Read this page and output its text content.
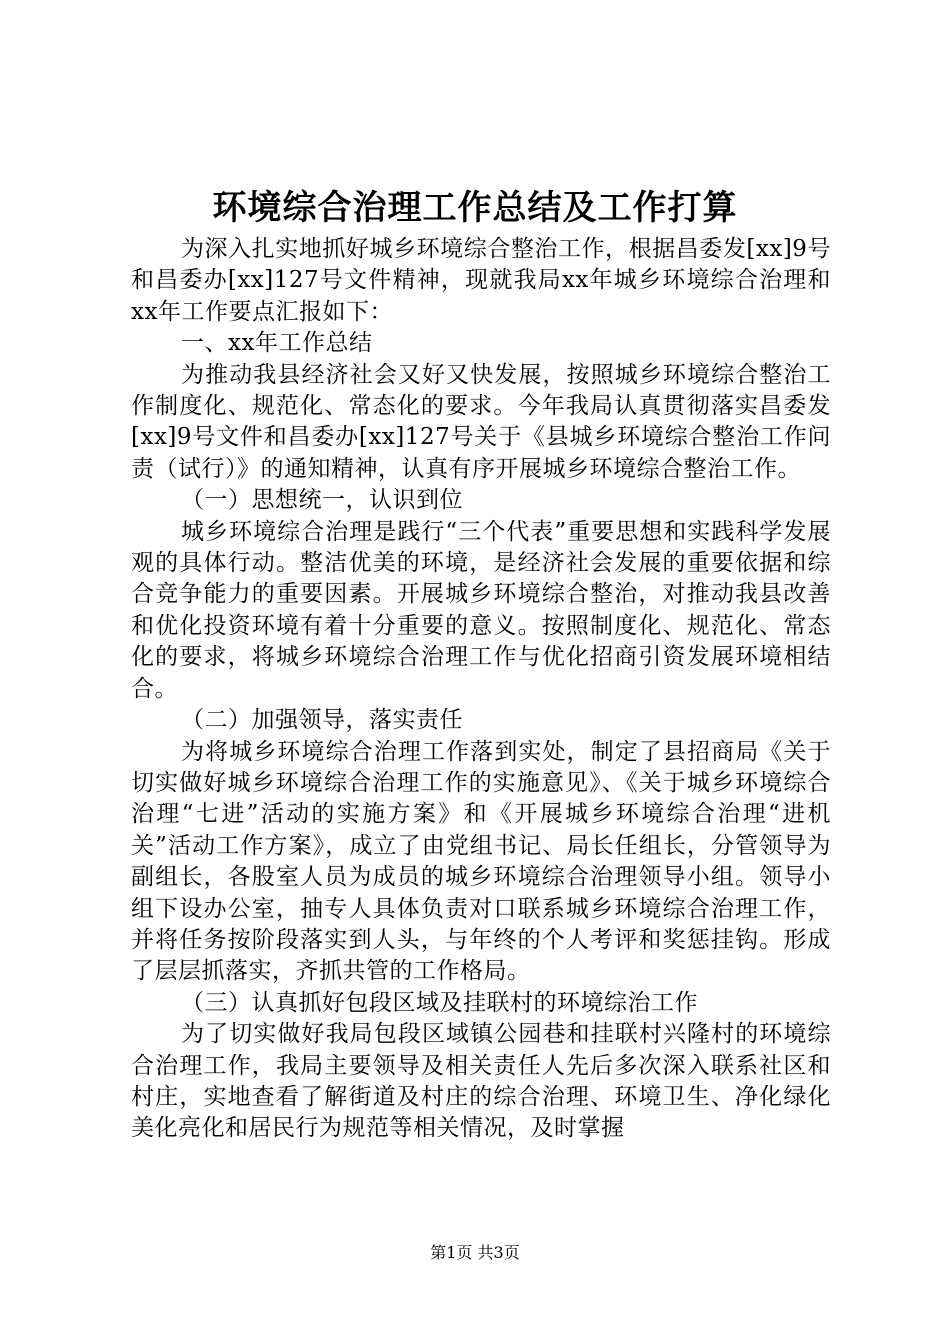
环境综合治理工作总结及工作打算

为深入扎实地抓好城乡环境综合整治工作，根据昌委发[xx]9号和昌委办[xx]127号文件精神，现就我局xx年城乡环境综合治理和xx年工作要点汇报如下：

一、xx年工作总结

为推动我县经济社会又好又快发展，按照城乡环境综合整治工作制度化、规范化、常态化的要求。今年我局认真贯彻落实昌委发[xx]9号文件和昌委办[xx]127号关于《县城乡环境综合整治工作问责（试行）》的通知精神，认真有序开展城乡环境综合整治工作。

（一）思想统一，认识到位

城乡环境综合治理是践行“三个代表”重要思想和实践科学发展观的具体行动。整洁优美的环境，是经济社会发展的重要依据和综合竞争能力的重要因素。开展城乡环境综合整治，对推动我县改善和优化投资环境有着十分重要的意义。按照制度化、规范化、常态化的要求，将城乡环境综合治理工作与优化招商引资发展环境相结合。

（二）加强领导，落实责任

为将城乡环境综合治理工作落到实处，制定了县招商局《关于切实做好城乡环境综合治理工作的实施意见》、《关于城乡环境综合治理“七进”活动的实施方案》和《开展城乡环境综合治理“进机关”活动工作方案》，成立了由党组书记、局长任组长，分管领导为副组长，各股室人员为成员的城乡环境综合治理领导小组。领导小组下设办公室，抽专人具体负责对口联系城乡环境综合治理工作，并将任务按阶段落实到人头，与年终的个人考评和奖惩挂钩。形成了层层抓落实，齐抓共管的工作格局。

（三）认真抓好包段区域及挂联村的环境综治工作

为了切实做好我局包段区域镇公园巷和挂联村兴隆村的环境综合治理工作，我局主要领导及相关责任人先后多次深入联系社区和村庄，实地查看了解街道及村庄的综合治理、环境卫生、净化绿化美化亮化和居民行为规范等相关情况，及时掌握

第1页 共3页
